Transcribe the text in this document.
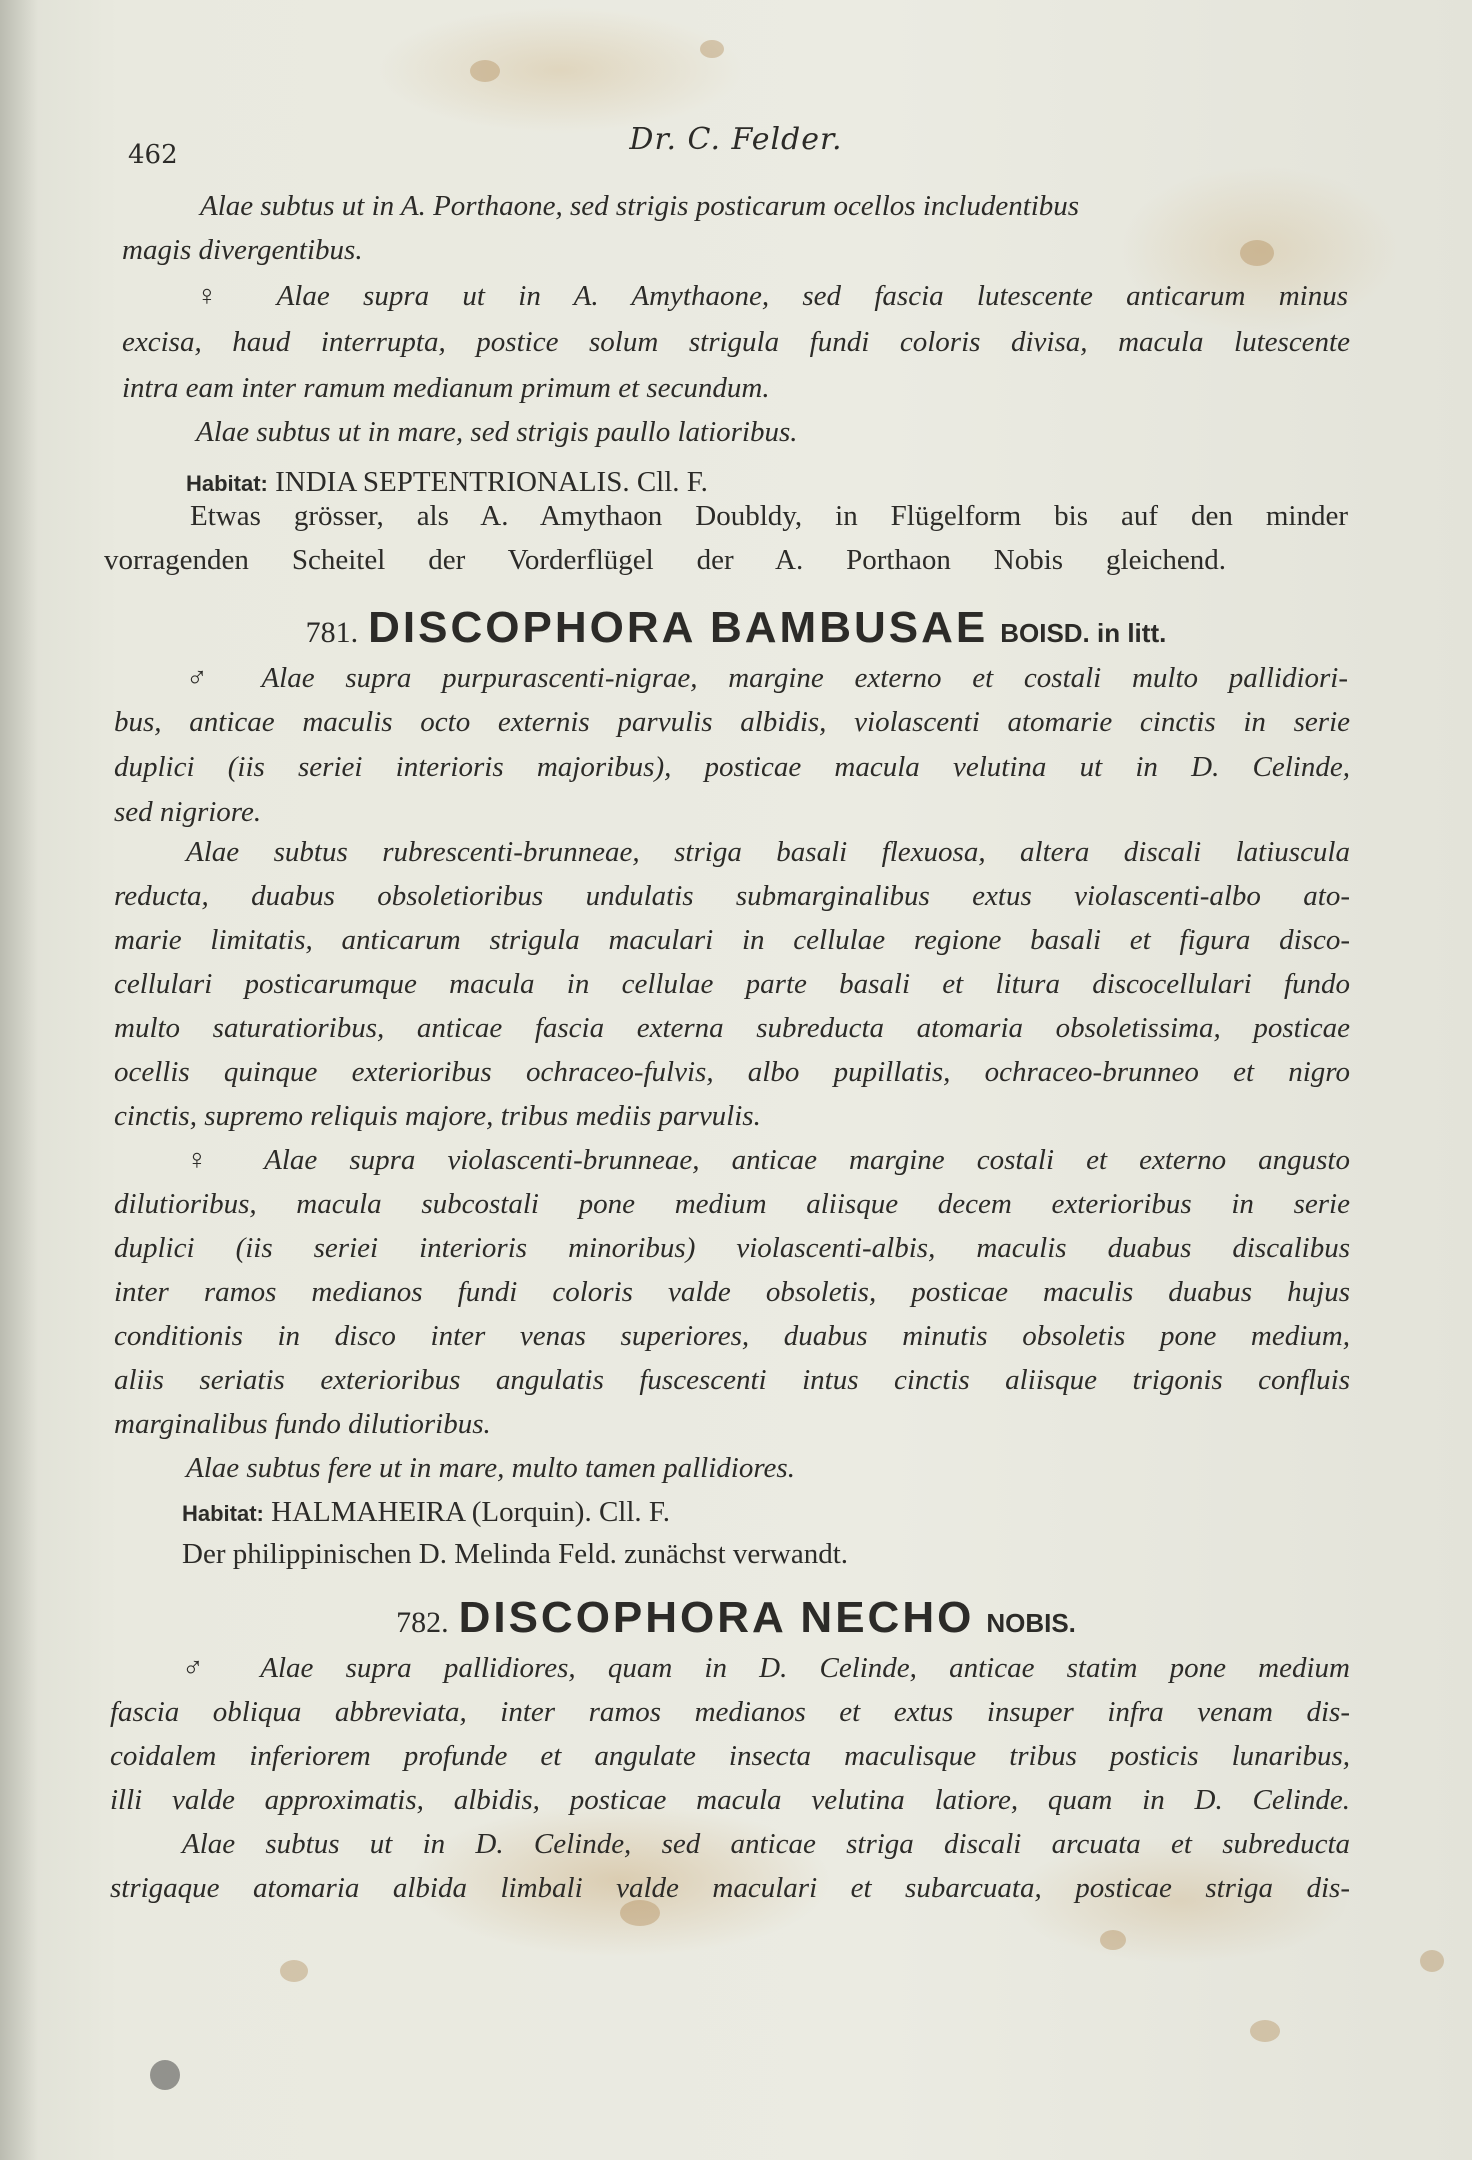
462	Dr. C. Felder.
Alae subtus ut in A. Porthaone, sed strigis posticarum ocellos includentibus
magis divergentibus.
♀ Alae supra ut in A. Amythaone, sed fascia lutescente anticarum minus
excisa, haud interrupta, postice solum strigula fundi coloris divisa, macula lutescente
intra eam inter ramum medianum primum et secundum.
Alae subtus ut in mare, sed strigis paullo latioribus.
Habitat: INDIA SEPTENTRIONALIS. Cll. F.
Etwas grösser, als A. Amythaon Doubldy, in Flügelform bis auf den minder
vorragenden Scheitel der Vorderflügel der A. Porthaon Nobis gleichend.
781. DISCOPHORA BAMBUSAE BOISD. in litt.
♂ Alae supra purpurascenti-nigrae, margine externo et costali multo pallidiori-
bus, anticae maculis octo externis parvulis albidis, violascenti atomarie cinctis in serie
duplici (iis seriei interioris majoribus), posticae macula velutina ut in D. Celinde,
sed nigriore.
Alae subtus rubrescenti-brunneae, striga basali flexuosa, altera discali latiuscula
reducta, duabus obsoletioribus undulatis submarginalibus extus violascenti-albo ato-
marie limitatis, anticarum strigula maculari in cellulae regione basali et figura disco-
cellulari posticarumque macula in cellulae parte basali et litura discocellulari fundo
multo saturatioribus, anticae fascia externa subreducta atomaria obsoletissima, posticae
ocellis quinque exterioribus ochraceo-fulvis, albo pupillatis, ochraceo-brunneo et nigro
cinctis, supremo reliquis majore, tribus mediis parvulis.
♀ Alae supra violascenti-brunneae, anticae margine costali et externo angusto
dilutioribus, macula subcostali pone medium aliisque decem exterioribus in serie
duplici (iis seriei interioris minoribus) violascenti-albis, maculis duabus discalibus
inter ramos medianos fundi coloris valde obsoletis, posticae maculis duabus hujus
conditionis in disco inter venas superiores, duabus minutis obsoletis pone medium,
aliis seriatis exterioribus angulatis fuscescenti intus cinctis aliisque trigonis confluis
marginalibus fundo dilutioribus.
Alae subtus fere ut in mare, multo tamen pallidiores.
Habitat: HALMAHEIRA (Lorquin). Cll. F.
Der philippinischen D. Melinda Feld. zunächst verwandt.
782. DISCOPHORA NECHO NOBIS.
♂ Alae supra pallidiores, quam in D. Celinde, anticae statim pone medium
fascia obliqua abbreviata, inter ramos medianos et extus insuper infra venam dis-
coidalem inferiorem profunde et angulate insecta maculisque tribus posticis lunaribus,
illi valde approximatis, albidis, posticae macula velutina latiore, quam in D. Celinde.
Alae subtus ut in D. Celinde, sed anticae striga discali arcuata et subreducta
strigaque atomaria albida limbali valde maculari et subarcuata, posticae striga dis-
